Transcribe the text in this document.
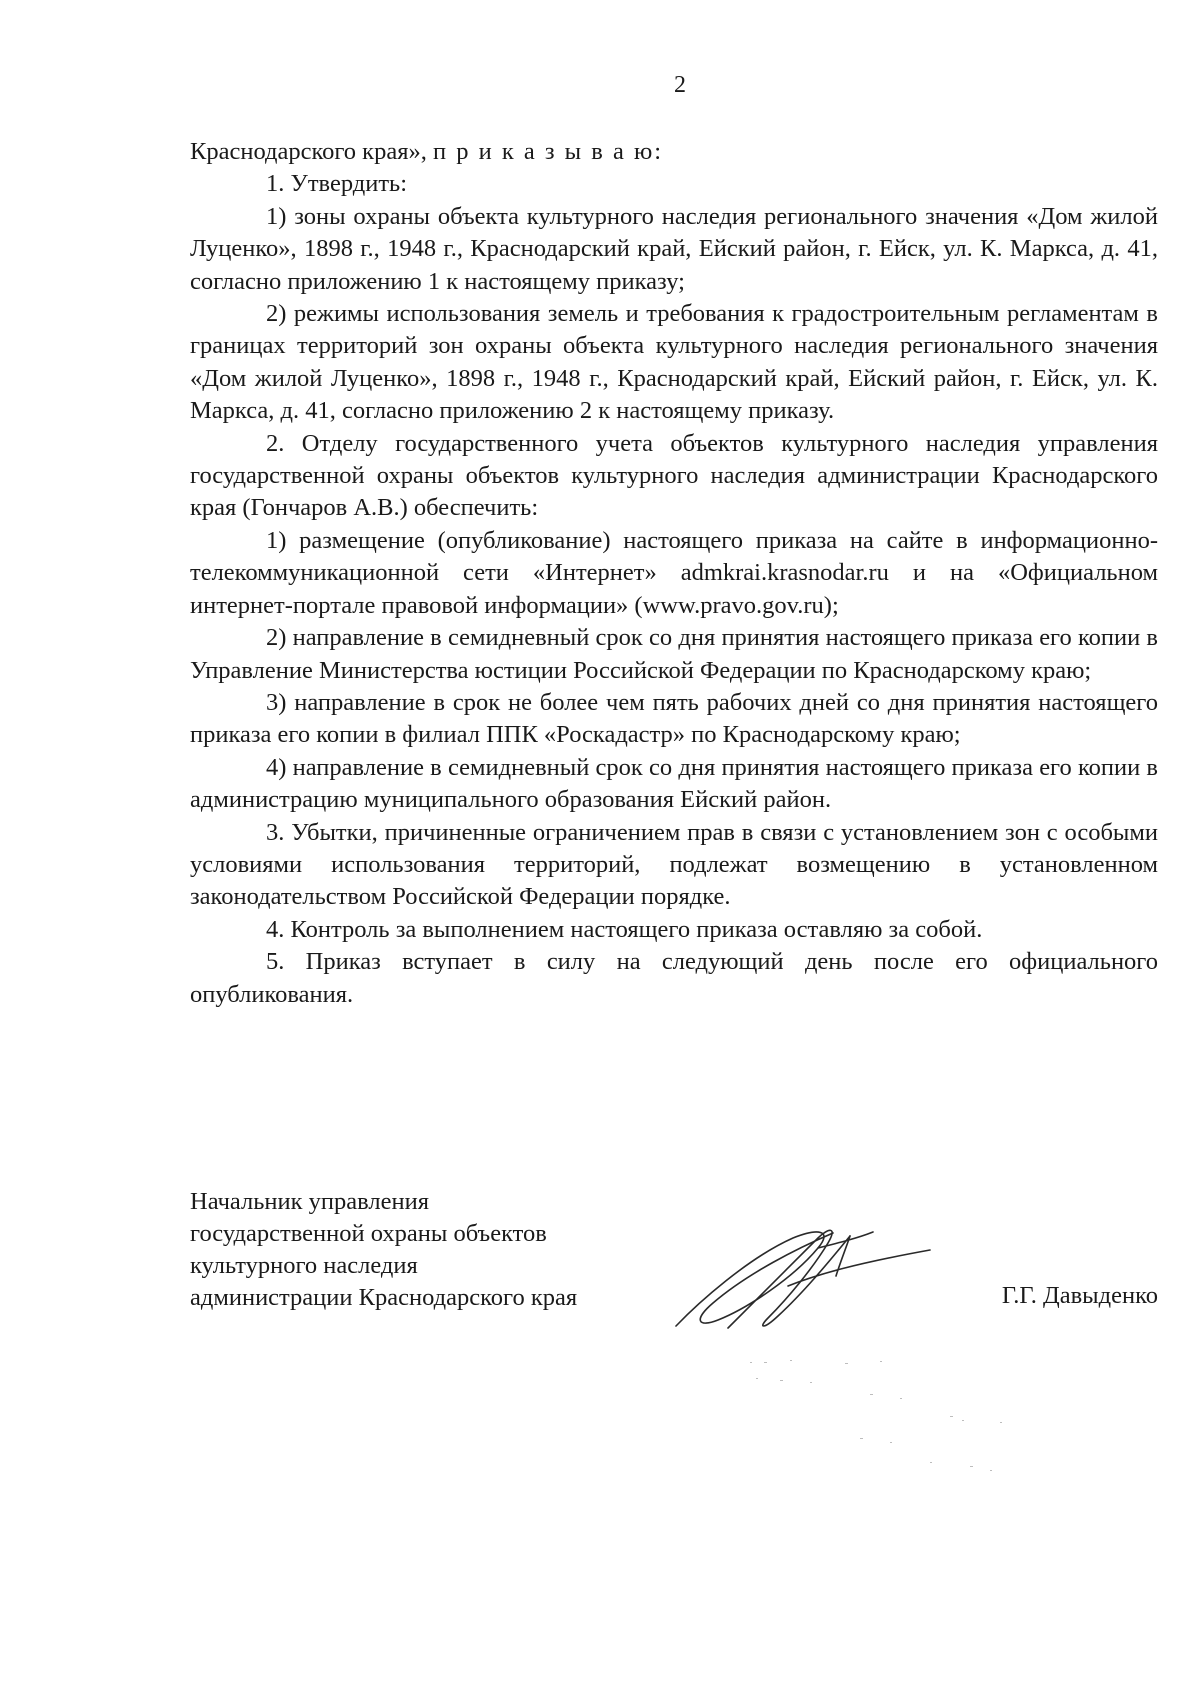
2

Краснодарского края», п р и к а з ы в а ю:

1. Утвердить:

1) зоны охраны объекта культурного наследия регионального значения «Дом жилой Луценко», 1898 г., 1948 г., Краснодарский край, Ейский район, г. Ейск, ул. К. Маркса, д. 41, согласно приложению 1 к настоящему приказу;

2) режимы использования земель и требования к градостроительным регламентам в границах территорий зон охраны объекта культурного наследия регионального значения «Дом жилой Луценко», 1898 г., 1948 г., Краснодарский край, Ейский район, г. Ейск, ул. К. Маркса, д. 41, согласно приложению 2 к настоящему приказу.

2. Отделу государственного учета объектов культурного наследия управления государственной охраны объектов культурного наследия администрации Краснодарского края (Гончаров А.В.) обеспечить:

1) размещение (опубликование) настоящего приказа на сайте в информационно-телекоммуникационной сети «Интернет» admkrai.krasnodar.ru и на «Официальном интернет-портале правовой информации» (www.pravo.gov.ru);

2) направление в семидневный срок со дня принятия настоящего приказа его копии в Управление Министерства юстиции Российской Федерации по Краснодарскому краю;

3) направление в срок не более чем пять рабочих дней со дня принятия настоящего приказа его копии в филиал ППК «Роскадастр» по Краснодарскому краю;

4) направление в семидневный срок со дня принятия настоящего приказа его копии в администрацию муниципального образования Ейский район.

3. Убытки, причиненные ограничением прав в связи с установлением зон с особыми условиями использования территорий, подлежат возмещению в установленном законодательством Российской Федерации порядке.

4. Контроль за выполнением настоящего приказа оставляю за собой.

5. Приказ вступает в силу на следующий день после его официального опубликования.

Начальник управления
государственной охраны объектов
культурного наследия
администрации Краснодарского края	Г.Г. Давыденко
